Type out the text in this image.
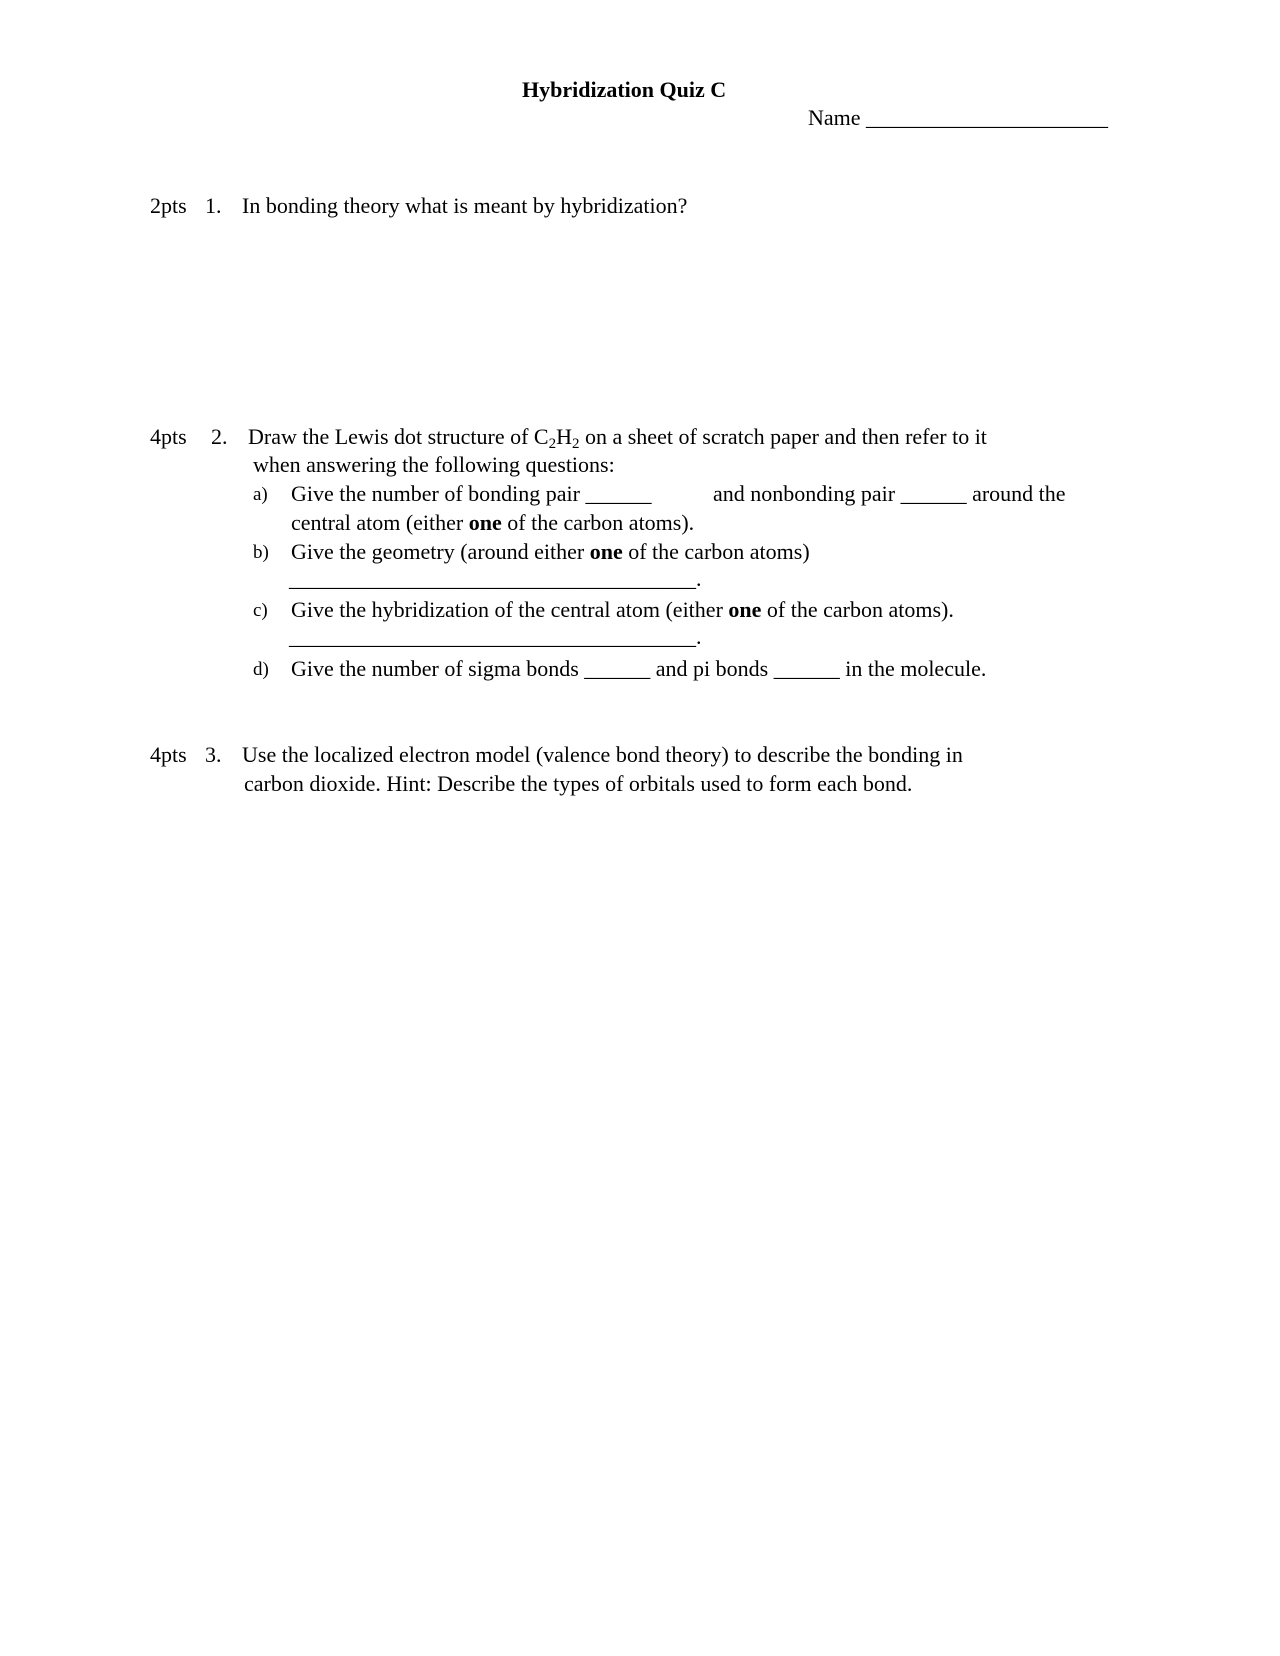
Hybridization Quiz C
Name ______________________
2pts 1. In bonding theory what is meant by hybridization?
4pts 2. Draw the Lewis dot structure of C2H2 on a sheet of scratch paper and then refer to it
when answering the following questions:
a) Give the number of bonding pair ______	and nonbonding pair ______ around the
central atom (either one of the carbon atoms).
b) Give the geometry (around either one of the carbon atoms)
_____________________________________.
c) Give the hybridization of the central atom (either one of the carbon atoms).
_____________________________________.
d) Give the number of sigma bonds ______ and pi bonds ______ in the molecule.
4pts 3. Use the localized electron model (valence bond theory) to describe the bonding in
carbon dioxide. Hint: Describe the types of orbitals used to form each bond.
